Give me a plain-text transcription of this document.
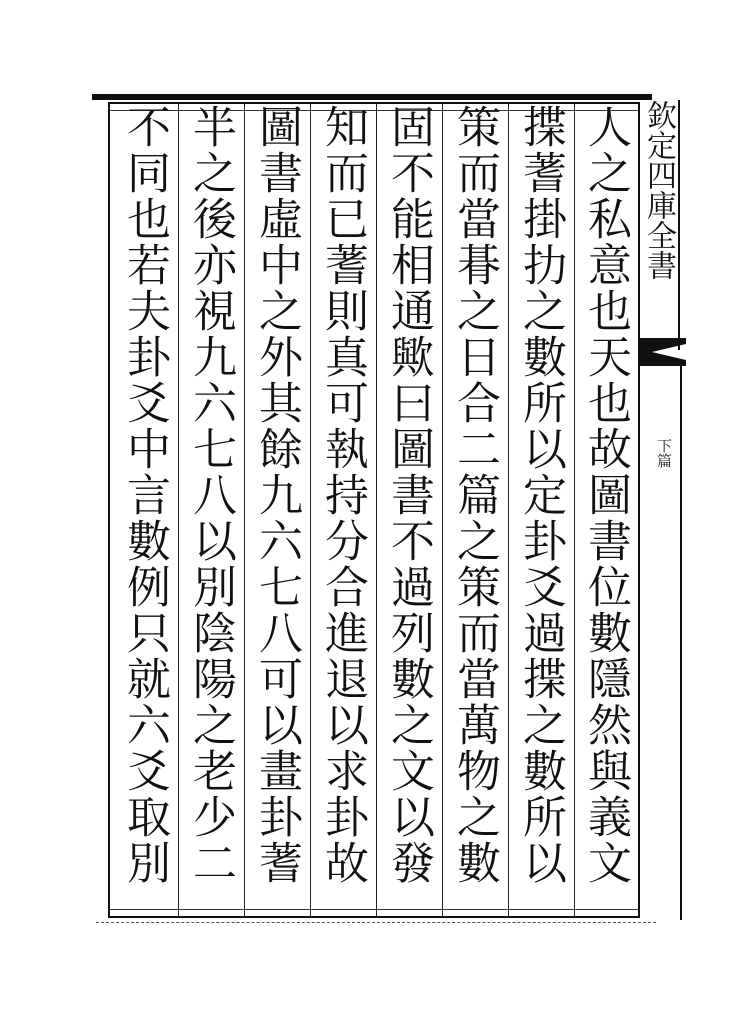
人之私意也天也故圖書位數隱然與義文
揲蓍掛扐之數所以定卦爻過揲之數所以
策而當朞之日合二篇之策而當萬物之數
固不能相通歟曰圖書不過列數之文以發
知而已蓍則真可執持分合進退以求卦故
圖書虛中之外其餘九六七八可以畫卦蓍
半之後亦視九六七八以別陰陽之老少二
不同也若夫卦爻中言數例只就六爻取別
欽定四庫全書
下篇
